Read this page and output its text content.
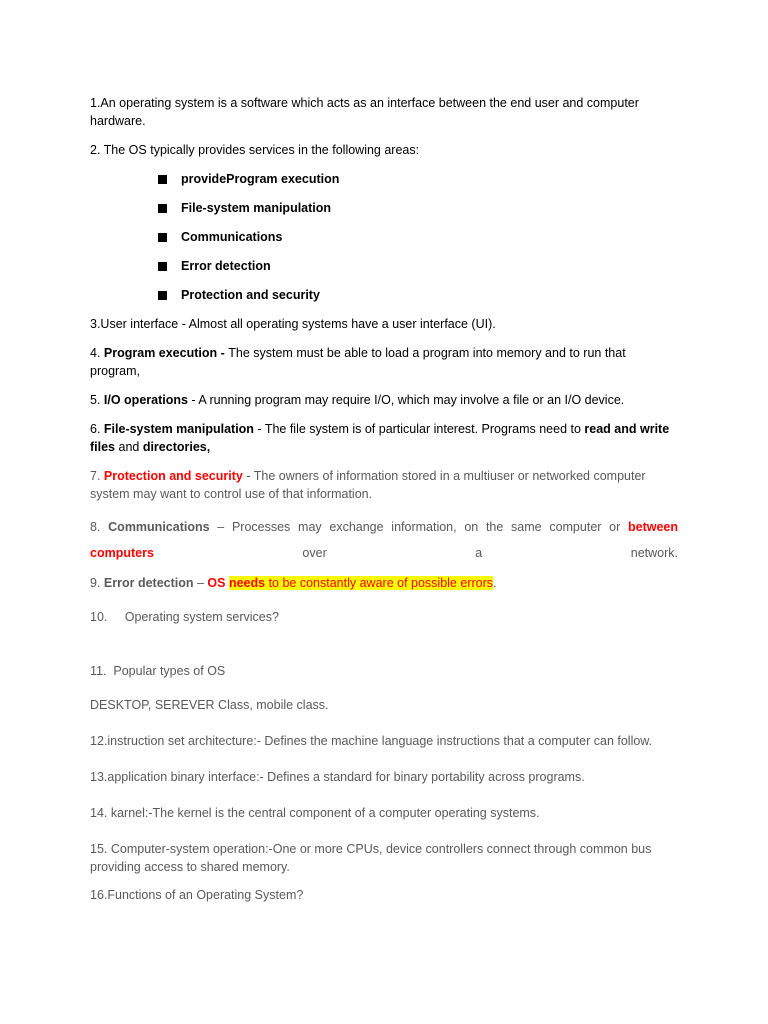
1.An operating system is a software which acts as an interface between the end user and computer hardware.

2. The OS typically provides services in the following areas:

provideProgram execution
File-system manipulation
Communications
Error detection
Protection and security

3.User interface - Almost all operating systems have a user interface (UI).

4. Program execution - The system must be able to load a program into memory and to run that program,

5. I/O operations - A running program may require I/O, which may involve a file or an I/O device.

6. File-system manipulation - The file system is of particular interest. Programs need to read and write files and directories,

7. Protection and security - The owners of information stored in a multiuser or networked computer system may want to control use of that information.

8. Communications – Processes may exchange information, on the same computer or between computers over a network.

9. Error detection – OS needs to be constantly aware of possible errors.

10.     Operating system services?

11.  Popular types of OS

DESKTOP, SEREVER Class, mobile class.

12.instruction set architecture:- Defines the machine language instructions that a computer can follow.

13.application binary interface:- Defines a standard for binary portability across programs.

14. karnel:-The kernel is the central component of a computer operating systems.

15. Computer-system operation:-One or more CPUs, device controllers connect through common bus providing access to shared memory.

16.Functions of an Operating System?
